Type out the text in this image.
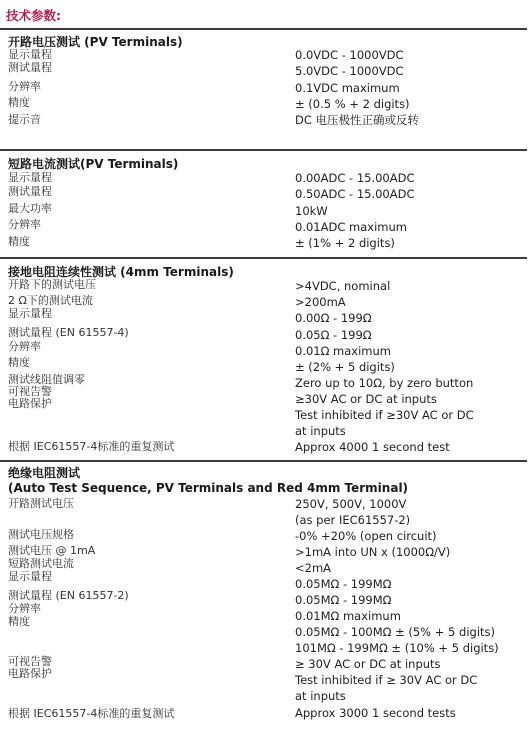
技术参数:
开路电压测试 (PV Terminals)
显示量程
测试量程
分辨率
精度
提示音
0.0VDC - 1000VDC
5.0VDC - 1000VDC
0.1VDC maximum
± (0.5 % + 2 digits)
DC 电压极性正确或反转
短路电流测试(PV Terminals)
显示量程
测试量程
最大功率
分辨率
精度
0.00ADC - 15.00ADC
0.50ADC - 15.00ADC
10kW
0.01ADC maximum
± (1% + 2 digits)
接地电阻连续性测试 (4mm Terminals)
开路下的测试电压
2 Ω下的测试电流
显示量程
测试量程 (EN 61557-4)
分辨率
精度
测试线阻值调零
可视告警
电路保护
根据 IEC61557-4标准的重复测试
>4VDC, nominal
>200mA
0.00Ω - 199Ω
0.05Ω - 199Ω
0.01Ω maximum
± (2% + 5 digits)
Zero up to 10Ω, by zero button
≥30V AC or DC at inputs
Test inhibited if ≥30V AC or DC
at inputs
Approx 4000 1 second test
绝缘电阻测试
(Auto Test Sequence, PV Terminals and Red 4mm Terminal)
开路测试电压
测试电压规格
测试电压 @ 1mA
短路测试电流
显示量程
测试量程 (EN 61557-2)
分辨率
精度
可视告警
电路保护
根据 IEC61557-4标准的重复测试
250V, 500V, 1000V
(as per IEC61557-2)
-0% +20% (open circuit)
>1mA into UN x (1000Ω/V)
<2mA
0.05MΩ - 199MΩ
0.05MΩ - 199MΩ
0.01MΩ maximum
0.05MΩ - 100MΩ ± (5% + 5 digits)
101MΩ - 199MΩ ± (10% + 5 digits)
≥ 30V AC or DC at inputs
Test inhibited if ≥ 30V AC or DC
at inputs
Approx 3000 1 second tests
